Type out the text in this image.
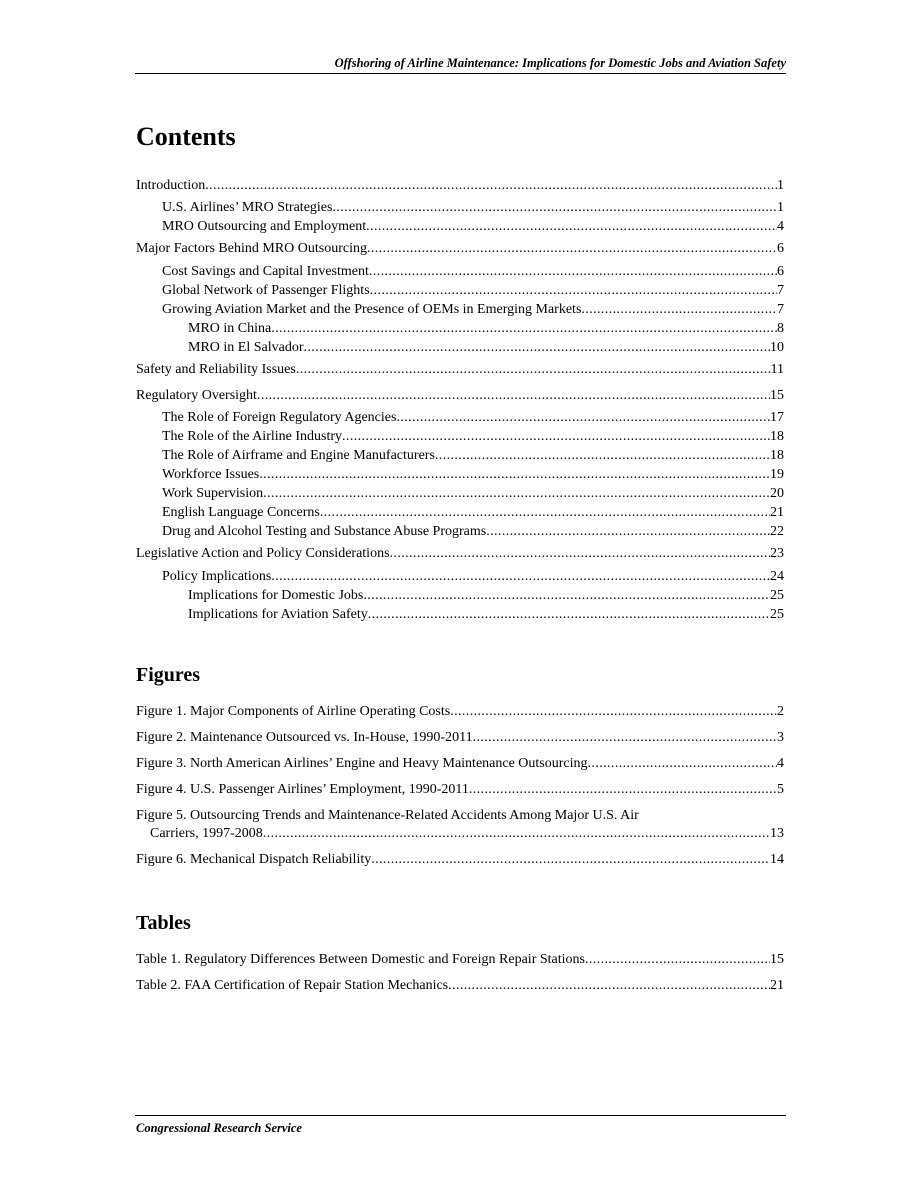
Offshoring of Airline Maintenance: Implications for Domestic Jobs and Aviation Safety
Contents
Introduction .....	1
U.S. Airlines’ MRO Strategies .....	1
MRO Outsourcing and Employment .....	4
Major Factors Behind MRO Outsourcing .....	6
Cost Savings and Capital Investment .....	6
Global Network of Passenger Flights .....	7
Growing Aviation Market and the Presence of OEMs in Emerging Markets .....	7
MRO in China .....	8
MRO in El Salvador .....	10
Safety and Reliability Issues .....	11
Regulatory Oversight .....	15
The Role of Foreign Regulatory Agencies .....	17
The Role of the Airline Industry .....	18
The Role of Airframe and Engine Manufacturers .....	18
Workforce Issues .....	19
Work Supervision .....	20
English Language Concerns .....	21
Drug and Alcohol Testing and Substance Abuse Programs .....	22
Legislative Action and Policy Considerations .....	23
Policy Implications .....	24
Implications for Domestic Jobs .....	25
Implications for Aviation Safety .....	25
Figures
Figure 1. Major Components of Airline Operating Costs .....	2
Figure 2. Maintenance Outsourced vs. In-House, 1990-2011 .....	3
Figure 3. North American Airlines’ Engine and Heavy Maintenance Outsourcing .....	4
Figure 4. U.S. Passenger Airlines’ Employment, 1990-2011 .....	5
Figure 5. Outsourcing Trends and Maintenance-Related Accidents Among Major U.S. Air
Carriers, 1997-2008 .....	13
Figure 6. Mechanical Dispatch Reliability .....	14
Tables
Table 1. Regulatory Differences Between Domestic and Foreign Repair Stations .....	15
Table 2. FAA Certification of Repair Station Mechanics .....	21
Congressional Research Service
